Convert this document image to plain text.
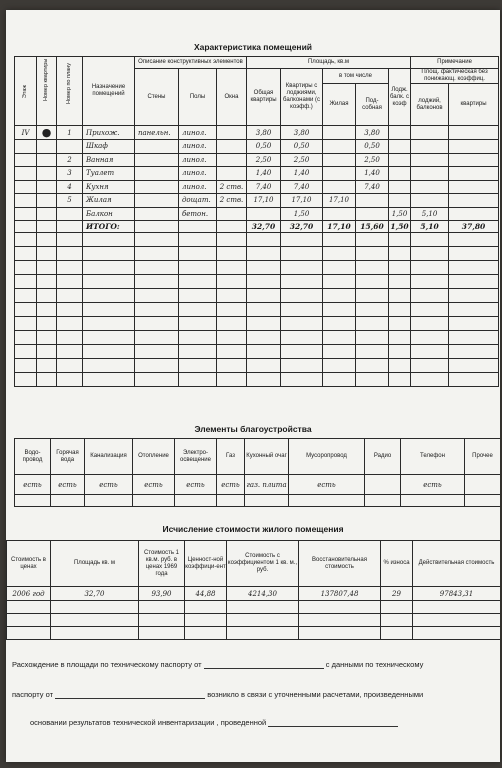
Характеристика помещений
Этаж	Номер квартиры	Номер по плану	Назначение помещений	Описание конструктивных элементов			Площадь, кв.м					Примечание	
				Стены	Полы	Окна	Общая квартиры	Квартиры с лоджиями, балконами (с коэфф.)	в том числе		Лодж. балк. с коэф	Площ. фактическая без понижающ. коэффиц.	
									Жилая	Под-собная		лоджий, балконов	квартиры
IV	●	1	Прихож.	панельн.	линол.		3,80	3,80		3,80			
			Шкаф		линол.		0,50	0,50		0,50			
		2	Ванная		линол.		2,50	2,50		2,50			
		3	Туалет		линол.		1,40	1,40		1,40			
		4	Кухня		линол.	2 ств.	7,40	7,40		7,40			
		5	Жилая		дощат.	2 ств.	17,10	17,10	17,10				
			Балкон		бетон.			1,50			1,50	5,10	
			ИТОГО:				32,70	32,70	17,10	15,60	1,50	5,10	37,80

Элементы благоустройства
Водо-провод	Горячая вода	Канализация	Отопление	Электро-освещение	Газ	Кухонный очаг	Мусоропровод	Радио	Телефон	Прочее
есть	есть	есть	есть	есть	есть	газ. плита	есть		есть	

Исчисление стоимости жилого помещения
Стоимость в ценах	Площадь кв. м	Стоимость 1 кв.м. руб. в ценах 1969 года	Ценност-ной коэффици-ент	Стоимость с коэффициентом 1 кв. м., руб.	Восстановительная стоимость	% износа	Действительная стоимость
2006 год	32,70	93,90	44,88	4214,30	137807,48	29	97843,31

Расхождение в площади по техническому паспорту от	с данными по техническому
паспорту от	возникло в связи с уточненными расчетами, произведенными
основании результатов технической инвентаризации , проведенной
